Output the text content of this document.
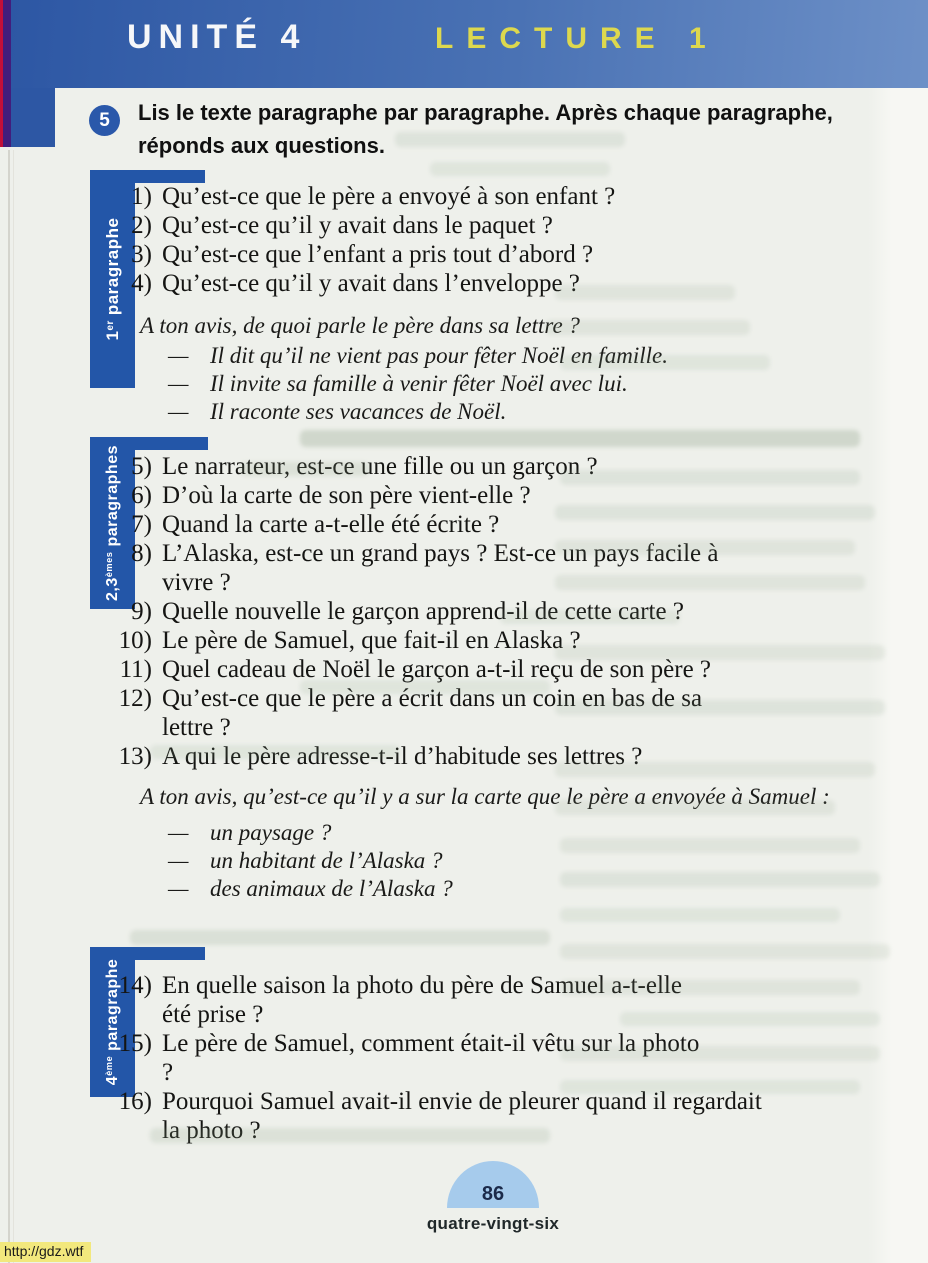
UNITÉ 4	LECTURE 1
5	Lis le texte paragraphe par paragraphe. Après chaque paragraphe, réponds aux questions.
1erparagraphe
1) Qu’est-ce que le père a envoyé à son enfant ?
2) Qu’est-ce qu’il y avait dans le paquet ?
3) Qu’est-ce que l’enfant a pris tout d’abord ?
4) Qu’est-ce qu’il y avait dans l’enveloppe ?
A ton avis, de quoi parle le père dans sa lettre ?
— Il dit qu’il ne vient pas pour fêter Noël en famille.
— Il invite sa famille à venir fêter Noël avec lui.
— Il raconte ses vacances de Noël.
2,3èmesparagraphes 5) Le narrateur, est-ce une fille ou un garçon ?
6) D’où la carte de son père vient-elle ?
7) Quand la carte a-t-elle été écrite ?
8) L’Alaska, est-ce un grand pays ? Est-ce un pays facile à vivre ?
9) Quelle nouvelle le garçon apprend-il de cette carte ?
10) Le père de Samuel, que fait-il en Alaska ?
11) Quel cadeau de Noël le garçon a-t-il reçu de son père ?
12) Qu’est-ce que le père a écrit dans un coin en bas de sa lettre ?
13) A qui le père adresse-t-il d’habitude ses lettres ?
A ton avis, qu’est-ce qu’il y a sur la carte que le père a envoyée à Samuel :
— un paysage ?
— un habitant de l’Alaska ?
— des animaux de l’Alaska ?
4èmeparagraphe
14) En quelle saison la photo du père de Samuel a-t-elle été prise ?
15) Le père de Samuel, comment était-il vêtu sur la photo ?
16) Pourquoi Samuel avait-il envie de pleurer quand il regardait la photo ?
86
quatre-vingt-six
http://gdz.wtf
